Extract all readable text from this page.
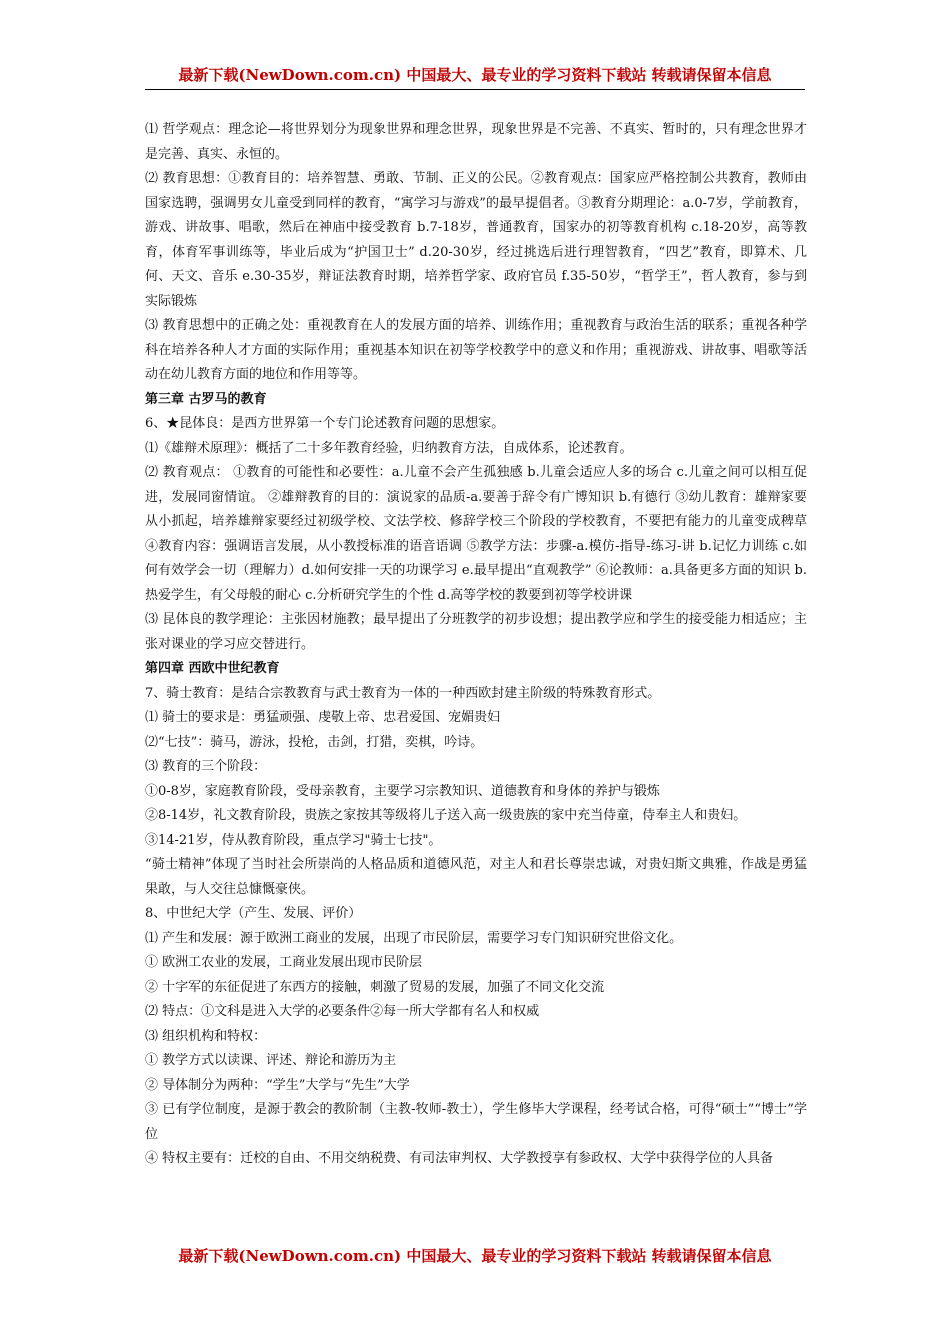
最新下载(NewDown.com.cn) 中国最大、最专业的学习资料下载站 转载请保留本信息

⑴ 哲学观点：理念论—将世界划分为现象世界和理念世界，现象世界是不完善、不真实、暂时的，只有理念世界才是完善、真实、永恒的。

⑵ 教育思想：①教育目的：培养智慧、勇敢、节制、正义的公民。②教育观点：国家应严格控制公共教育，教师由国家选聘，强调男女儿童受到同样的教育，“寓学习与游戏”的最早提倡者。③教育分期理论：a.0-7岁，学前教育，游戏、讲故事、唱歌，然后在神庙中接受教育 b.7-18岁，普通教育，国家办的初等教育机构 c.18-20岁，高等教育，体育军事训练等，毕业后成为“护国卫士” d.20-30岁，经过挑选后进行理智教育，“四艺”教育，即算术、几何、天文、音乐 e.30-35岁，辩证法教育时期，培养哲学家、政府官员 f.35-50岁，“哲学王”，哲人教育，参与到实际锻炼

⑶ 教育思想中的正确之处：重视教育在人的发展方面的培养、训练作用；重视教育与政治生活的联系；重视各种学科在培养各种人才方面的实际作用；重视基本知识在初等学校教学中的意义和作用；重视游戏、讲故事、唱歌等活动在幼儿教育方面的地位和作用等等。

第三章 古罗马的教育

6、★昆体良：是西方世界第一个专门论述教育问题的思想家。

⑴《雄辩术原理》：概括了二十多年教育经验，归纳教育方法，自成体系，论述教育。

⑵ 教育观点： ①教育的可能性和必要性：a.儿童不会产生孤独感 b.儿童会适应人多的场合 c.儿童之间可以相互促进，发展同窗情谊。 ②雄辩教育的目的：演说家的品质-a.要善于辞令有广博知识 b.有德行 ③幼儿教育：雄辩家要从小抓起，培养雄辩家要经过初级学校、文法学校、修辞学校三个阶段的学校教育，不要把有能力的儿童变成稗草 ④教育内容：强调语言发展，从小教授标准的语音语调 ⑤教学方法：步骤-a.模仿-指导-练习-讲 b.记忆力训练 c.如何有效学会一切（理解力）d.如何安排一天的功课学习 e.最早提出“直观教学” ⑥论教师：a.具备更多方面的知识 b.热爱学生，有父母般的耐心 c.分析研究学生的个性 d.高等学校的教要到初等学校讲课

⑶ 昆体良的教学理论：主张因材施教；最早提出了分班教学的初步设想；提出教学应和学生的接受能力相适应；主张对课业的学习应交替进行。

第四章 西欧中世纪教育

7、骑士教育：是结合宗教教育与武士教育为一体的一种西欧封建主阶级的特殊教育形式。

⑴ 骑士的要求是：勇猛顽强、虔敬上帝、忠君爱国、宠媚贵妇

⑵“七技”：骑马，游泳，投枪，击剑，打猎，奕棋，吟诗。

⑶ 教育的三个阶段：

①0-8岁，家庭教育阶段，受母亲教育，主要学习宗教知识、道德教育和身体的养护与锻炼

②8-14岁，礼文教育阶段，贵族之家按其等级将儿子送入高一级贵族的家中充当侍童，侍奉主人和贵妇。

③14-21岁，侍从教育阶段，重点学习"骑士七技"。

“骑士精神”体现了当时社会所崇尚的人格品质和道德风范，对主人和君长尊崇忠诚，对贵妇斯文典雅，作战是勇猛果敢，与人交往总慷慨豪侠。

8、中世纪大学（产生、发展、评价）

⑴ 产生和发展：源于欧洲工商业的发展，出现了市民阶层，需要学习专门知识研究世俗文化。

① 欧洲工农业的发展，工商业发展出现市民阶层

② 十字军的东征促进了东西方的接触，刺激了贸易的发展，加强了不同文化交流

⑵ 特点：①文科是进入大学的必要条件②每一所大学都有名人和权威

⑶ 组织机构和特权：

① 教学方式以读课、评述、辩论和游历为主

② 导体制分为两种：“学生”大学与“先生”大学

③ 已有学位制度，是源于教会的教阶制（主教-牧师-教士），学生修毕大学课程，经考试合格，可得“硕士”“博士”学位

④ 特权主要有：迁校的自由、不用交纳税费、有司法审判权、大学教授享有参政权、大学中获得学位的人具备

最新下载(NewDown.com.cn) 中国最大、最专业的学习资料下载站 转载请保留本信息
